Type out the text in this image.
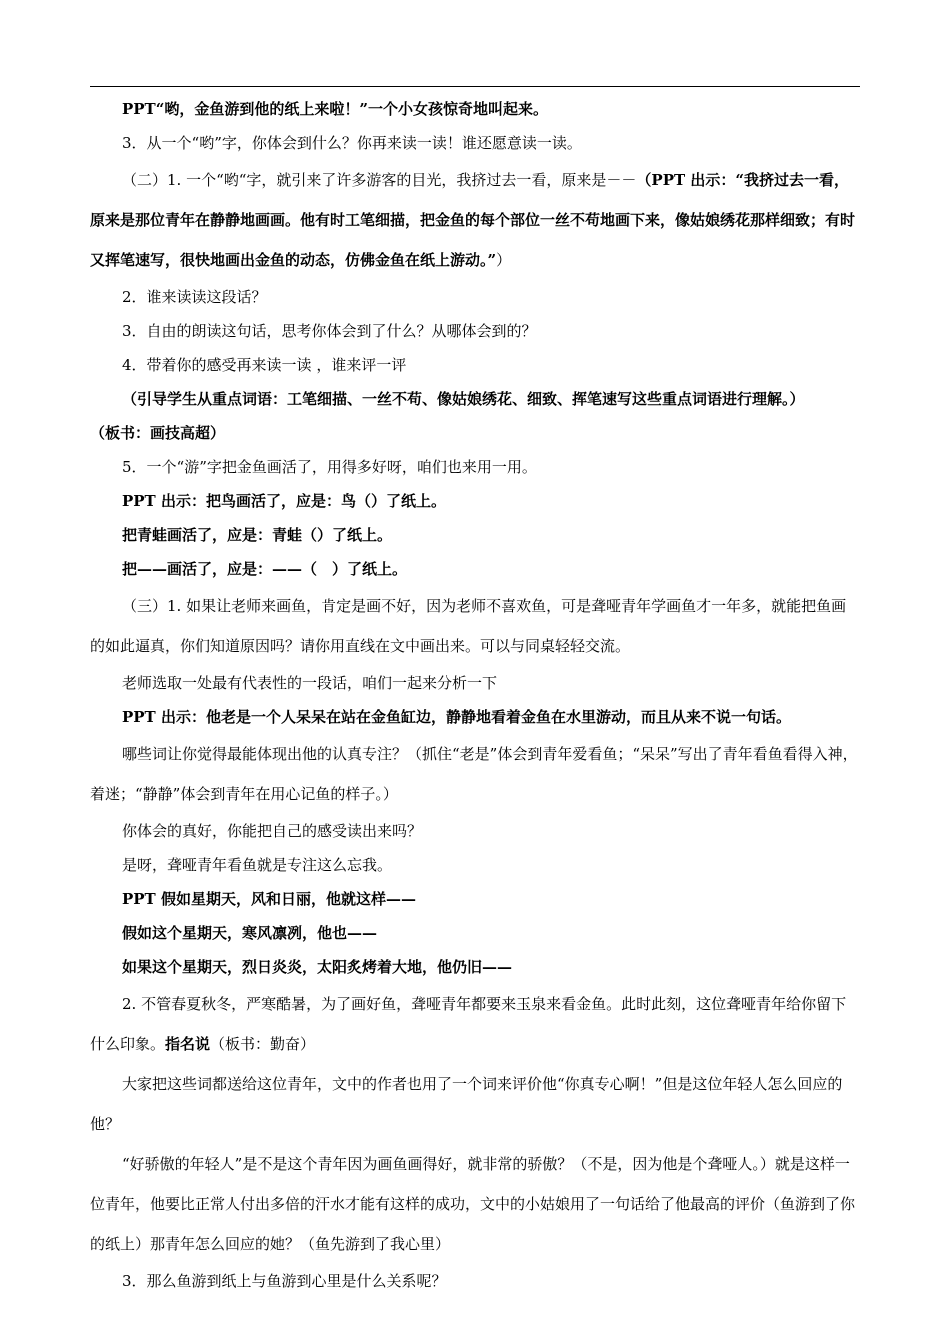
PPT“哟，金鱼游到他的纸上来啦！”一个小女孩惊奇地叫起来。

3．从一个“哟”字，你体会到什么？你再来读一读！谁还愿意读一读。

（二）1. 一个“哟“字，就引来了许多游客的目光，我挤过去一看，原来是－－（PPT 出示：“我挤过去一看，原来是那位青年在静静地画画。他有时工笔细描，把金鱼的每个部位一丝不苟地画下来，像姑娘绣花那样细致；有时又挥笔速写，很快地画出金鱼的动态，仿佛金鱼在纸上游动。”）

2．谁来读读这段话？

3．自由的朗读这句话，思考你体会到了什么？从哪体会到的？

4．带着你的感受再来读一读 ，谁来评一评

（引导学生从重点词语：工笔细描、一丝不苟、像姑娘绣花、细致、挥笔速写这些重点词语进行理解。）

（板书：画技高超）

5．一个“游”字把金鱼画活了，用得多好呀，咱们也来用一用。

PPT 出示：把鸟画活了，应是：鸟（）了纸上。

把青蛙画活了，应是：青蛙（）了纸上。

把——画活了，应是：——（　）了纸上。

（三）1. 如果让老师来画鱼，肯定是画不好，因为老师不喜欢鱼，可是聋哑青年学画鱼才一年多，就能把鱼画的如此逼真，你们知道原因吗？请你用直线在文中画出来。可以与同桌轻轻交流。

老师选取一处最有代表性的一段话，咱们一起来分析一下

PPT 出示：他老是一个人呆呆在站在金鱼缸边，静静地看着金鱼在水里游动，而且从来不说一句话。

哪些词让你觉得最能体现出他的认真专注？（抓住“老是”体会到青年爱看鱼；“呆呆”写出了青年看鱼看得入神，着迷；“静静”体会到青年在用心记鱼的样子。）

你体会的真好，你能把自己的感受读出来吗？

是呀，聋哑青年看鱼就是专注这么忘我。

PPT 假如星期天，风和日丽，他就这样——

假如这个星期天，寒风凛冽，他也——

如果这个星期天，烈日炎炎，太阳炙烤着大地，他仍旧——

2. 不管春夏秋冬，严寒酷暑，为了画好鱼，聋哑青年都要来玉泉来看金鱼。此时此刻，这位聋哑青年给你留下什么印象。指名说（板书：勤奋）

大家把这些词都送给这位青年，文中的作者也用了一个词来评价他“你真专心啊！”但是这位年轻人怎么回应的他？

“好骄傲的年轻人”是不是这个青年因为画鱼画得好，就非常的骄傲？（不是，因为他是个聋哑人。）就是这样一位青年，他要比正常人付出多倍的汗水才能有这样的成功，文中的小姑娘用了一句话给了他最高的评价（鱼游到了你的纸上）那青年怎么回应的她？（鱼先游到了我心里）

3．那么鱼游到纸上与鱼游到心里是什么关系呢？
